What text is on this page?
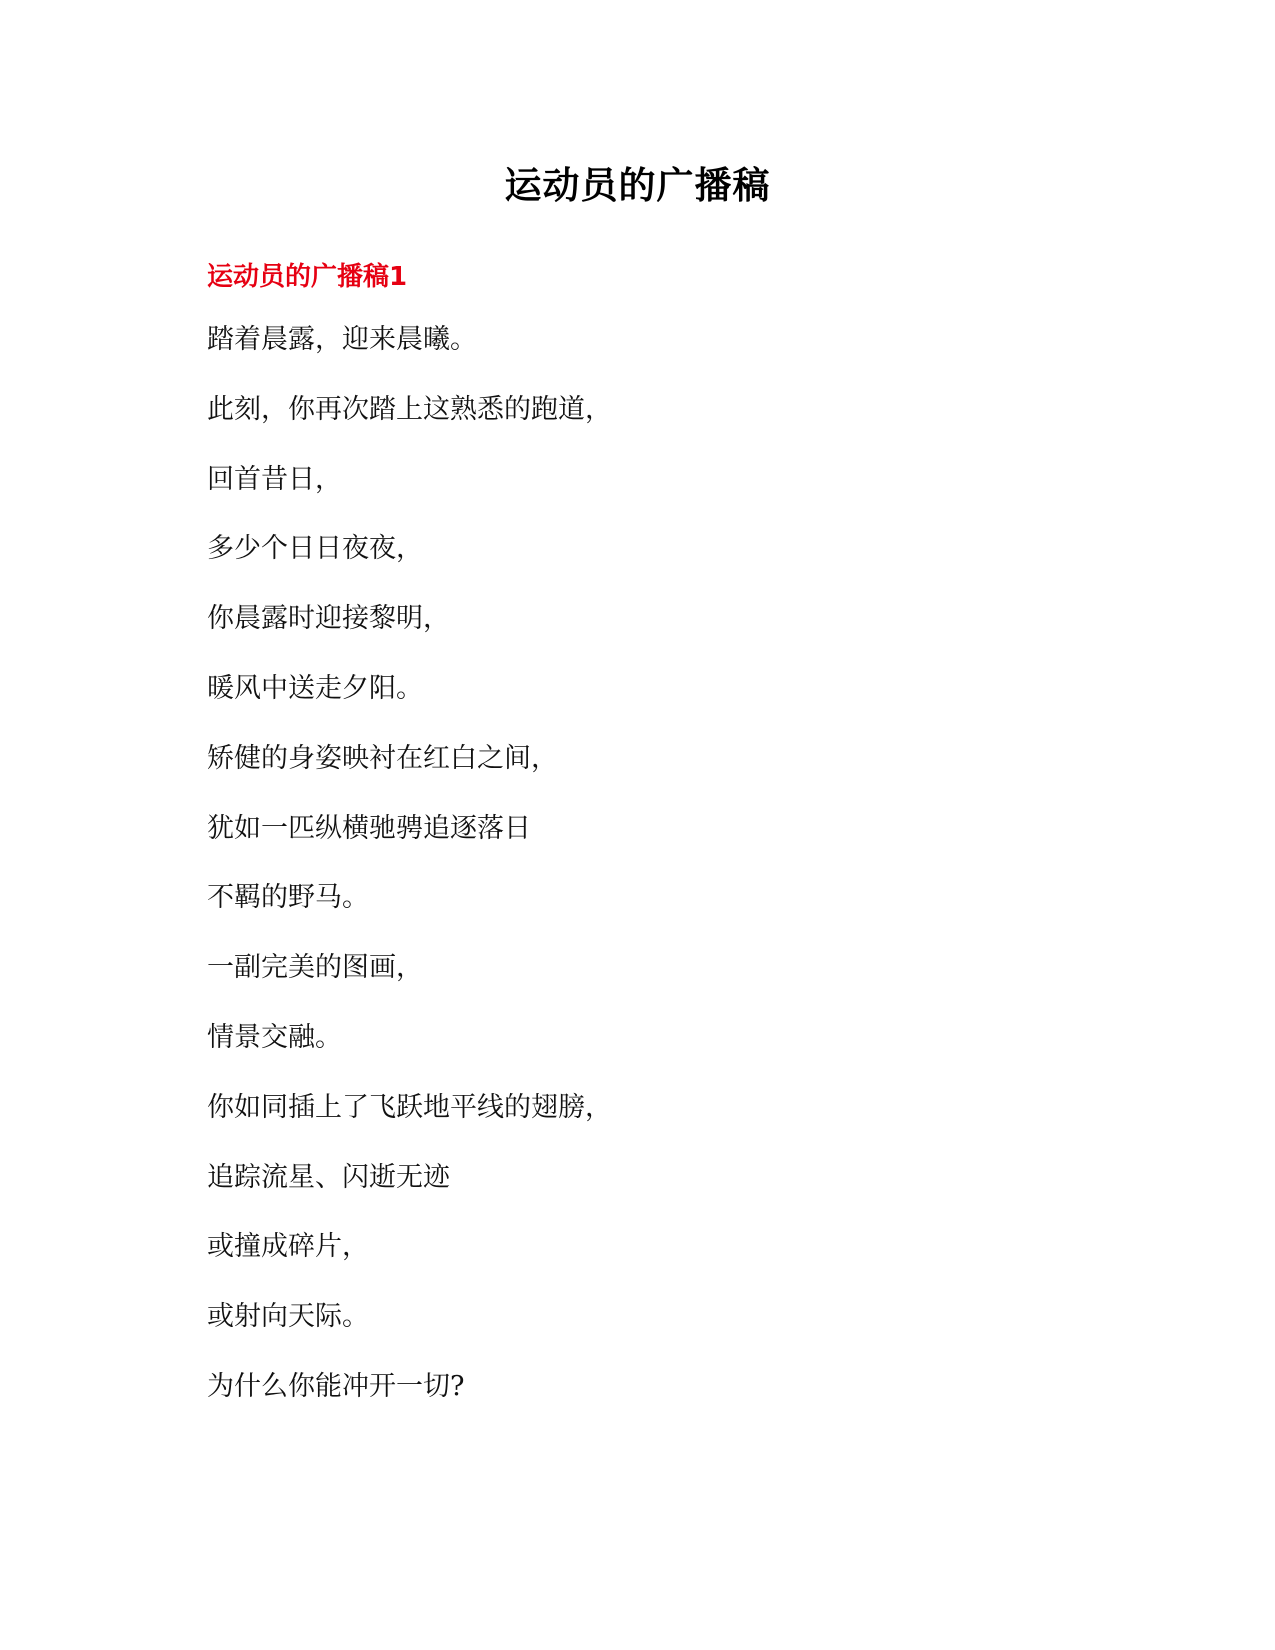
运动员的广播稿
运动员的广播稿1
踏着晨露，迎来晨曦。
此刻，你再次踏上这熟悉的跑道，
回首昔日，
多少个日日夜夜，
你晨露时迎接黎明，
暖风中送走夕阳。
矫健的身姿映衬在红白之间，
犹如一匹纵横驰骋追逐落日
不羁的野马。
一副完美的图画，
情景交融。
你如同插上了飞跃地平线的翅膀，
追踪流星、闪逝无迹
或撞成碎片，
或射向天际。
为什么你能冲开一切?
